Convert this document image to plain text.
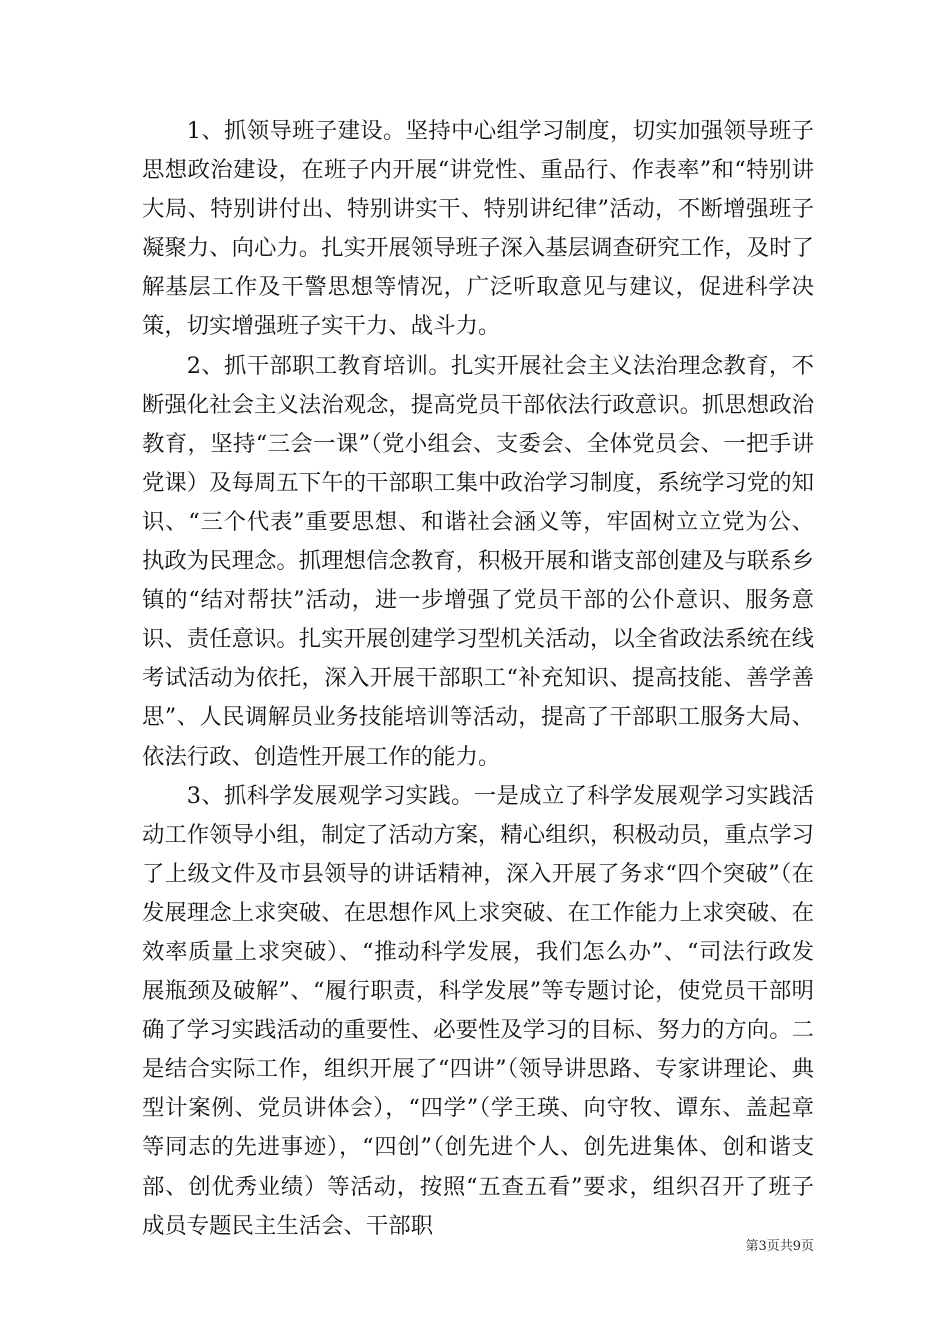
1、抓领导班子建设。坚持中心组学习制度，切实加强领导班子思想政治建设，在班子内开展“讲党性、重品行、作表率”和“特别讲大局、特别讲付出、特别讲实干、特别讲纪律”活动，不断增强班子凝聚力、向心力。扎实开展领导班子深入基层调查研究工作，及时了解基层工作及干警思想等情况，广泛听取意见与建议，促进科学决策，切实增强班子实干力、战斗力。

2、抓干部职工教育培训。扎实开展社会主义法治理念教育，不断强化社会主义法治观念，提高党员干部依法行政意识。抓思想政治教育，坚持“三会一课”（党小组会、支委会、全体党员会、一把手讲党课）及每周五下午的干部职工集中政治学习制度，系统学习党的知识、“三个代表”重要思想、和谐社会涵义等，牢固树立立党为公、执政为民理念。抓理想信念教育，积极开展和谐支部创建及与联系乡镇的“结对帮扶”活动，进一步增强了党员干部的公仆意识、服务意识、责任意识。扎实开展创建学习型机关活动，以全省政法系统在线考试活动为依托，深入开展干部职工“补充知识、提高技能、善学善思”、人民调解员业务技能培训等活动，提高了干部职工服务大局、依法行政、创造性开展工作的能力。

3、抓科学发展观学习实践。一是成立了科学发展观学习实践活动工作领导小组，制定了活动方案，精心组织，积极动员，重点学习了上级文件及市县领导的讲话精神，深入开展了务求“四个突破”（在发展理念上求突破、在思想作风上求突破、在工作能力上求突破、在效率质量上求突破）、“推动科学发展，我们怎么办”、“司法行政发展瓶颈及破解”、“履行职责，科学发展”等专题讨论，使党员干部明确了学习实践活动的重要性、必要性及学习的目标、努力的方向。二是结合实际工作，组织开展了“四讲”（领导讲思路、专家讲理论、典型计案例、党员讲体会），“四学”（学王瑛、向守牧、谭东、盖起章等同志的先进事迹），“四创”（创先进个人、创先进集体、创和谐支部、创优秀业绩）等活动，按照“五查五看”要求，组织召开了班子成员专题民主生活会、干部职

第3页共9页
